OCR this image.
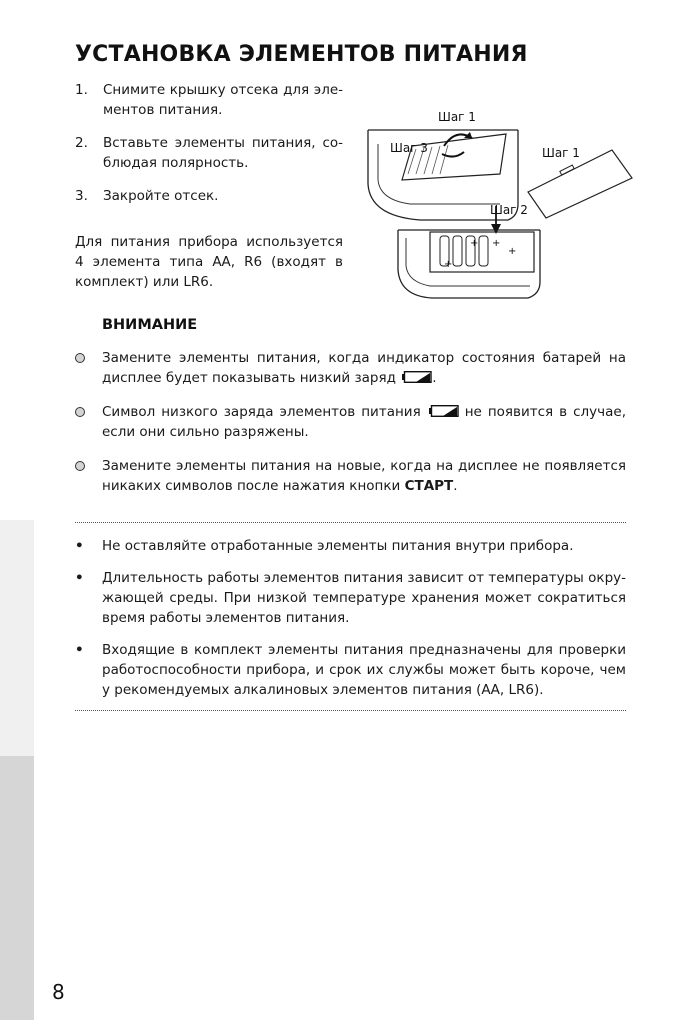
УСТАНОВКА ЭЛЕМЕНТОВ ПИТАНИЯ
1.	Снимите крышку отсека для эле-ментов питания.
2.	Вставьте элементы питания, со-блюдая полярность.
3.	Закройте отсек.

Для питания прибора используется 4 элемента типа АА, R6 (входят в комплект) или LR6.

+
+ +
+
Шаг 1
Шаг 3	Шаг 1
Шаг 2
ВНИМАНИЕ
Замените элементы питания, когда индикатор состояния батарей на дисплее будет показывать низкий заряд	.
Символ низкого заряда элементов питания	не появится в случае, если они сильно разряжены.
Замените элементы питания на новые, когда на дисплее не появляется никаких символов после нажатия кнопки СТАРТ.
•	Не оставляйте отработанные элементы питания внутри прибора.
•	Длительность работы элементов питания зависит от температуры окру-жающей среды. При низкой температуре хранения может сократиться время работы элементов питания.
•	Входящие в комплект элементы питания предназначены для проверки работоспособности прибора, и срок их службы может быть короче, чем у рекомендуемых алкалиновых элементов питания (АА, LR6).
8
